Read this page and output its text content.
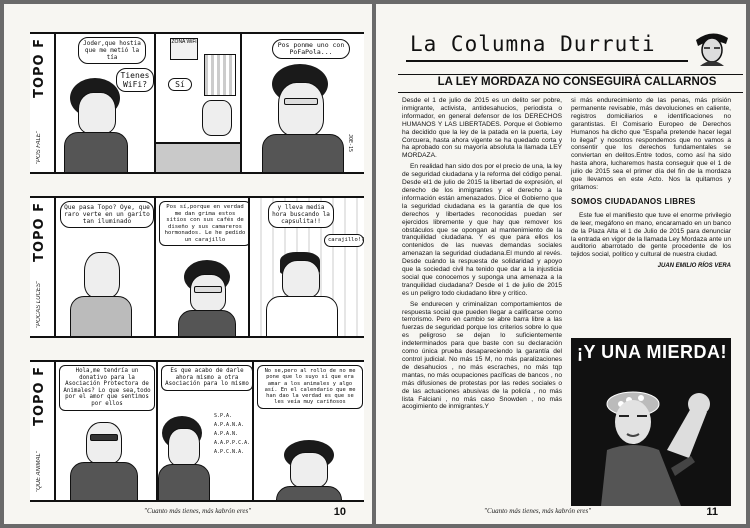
TOPO F
"POS FALE"
Joder,que hostia que me metió la tía
Tienes WiFi?
ZONA WiFi
Sí
Pos ponme uno con PoFaPola...
JOE-15
TOPO F
"POCAS LUCES"
Que pasa Topo? Oye, que raro verte en un garito tan iluminado
Pos sí,porque en verdad me dan grima estos sitios con sus cafés de diseño y sus camareros hormonados. Le he pedido un carajillo
y lleva media hora buscando la capsulita!!
carajillo!?
TOPO F
"QUE ANIMAL"
Hola,me tendría un donativo para la Asociación Protectora de Animales? Lo que sea,todo por el amor que sentimos por ellos
Es que acabo de darle ahora mismo a otra Asociación para lo mismo
S.P.A.
A.P.A.N.A.
A.P.A.N.
A.A.P.P.C.A.
A.P.C.N.A.
No se,pero al rollo de no me pone que lo suyo sí que era amar a los animales y algo así. En el calendario que me han dao la verdad es que se les veía muy cariñosos
"Cuanto más tienes, más kabrón eres"	10
La Columna Durruti
LA LEY MORDAZA NO CONSEGUIRÁ CALLARNOS

Desde el 1 de julio de 2015 es un delito ser pobre, inmigrante, activista, antidesahucios, periodista o informador, en general defensor de los DERECHOS HUMANOS Y LAS LIBERTADES. Porque el Gobierno ha decidido que la ley de la patada en la puerta, Ley Corcuera, hasta ahora vigente se ha quedado corta y ha aprobado con su mayoría absoluta la llamada LEY MORDAZA.

En realidad han sido dos por el precio de una, la ley de seguridad ciudadana y la reforma del código penal. Desde el1 de julio de 2015 la libertad de expresión, el derecho de los inmigrantes y el derecho a la información están amenazados. Dice el Gobierno que la seguridad ciudadana es la garantía de que los derechos y libertades reconocidas puedan ser ejercidos libremente y que hay que remover los obstáculos que se opongan al mantenimiento de la tranquilidad ciudadana. Y es que para ellos los contenidos de las nuevas demandas sociales amenazan la seguridad ciudadana.El mundo al revés. Desde cuándo la respuesta de solidaridad y apoyo que la sociedad civil ha tenido que dar a la injusticia social que conocemos y suponga una amenaza a la tranquilidad ciudadana? Desde el 1 de julio de 2015 es un peligro todo ciudadano libre y crítico.

Se endurecen y criminalizan comportamientos de respuesta social que pueden llegar a calificarse como terrorismo. Pero en cambio se abre barra libre a las fuerzas de seguridad porque los criterios sobre lo que es peligroso se dejan lo suficientemente indeterminados para que baste con su declaración como única prueba desapareciendo la garantía del control judicial. No más 15 M, no más paralizaciones de desahucios , no más escraches, no más tqp mantas, no más ocupaciones pacíficas de bancos , no más difusiones de protestas por las redes sociales o de las actuaciones abusivas de la policía , no más lista Falciani , no más caso Snowden , no más acogimiento de inmigrantes.Y

si más endurecimiento de las penas, más prisión permanente revisable, más devoluciones en caliente, registros domiciliarios e identificaciones no garantistas. El Comisario Europeo de Derechos Humanos ha dicho que "España pretende hacer legal lo ilegal" y nosotros respondemos que no vamos a consentir que los derechos fundamentales se conviertan en delitos.Entre todos, como así ha sido hasta ahora, lucharemos hasta conseguir que el 1 de julio de 2015 sea el primer día del fin de la mordaza que llevamos en este Acto. Nos la quitamos y gritamos:

SOMOS CIUDADANOS LIBRES

Este fue el manifiesto que tuve el enorme privilegio de leer, megáfono en mano, encaramado en un banco de la Plaza Alta el 1 de Julio de 2015 para denunciar la entrada en vigor de la llamada Ley Mordaza ante un auditorio abarrotado de gente procedente de los tejidos social, político y cultural de nuestra ciudad.

JUAN EMILIO RÍOS VERA
¡Y UNA MIERDA!
"Cuanto más tienes, más kabrón eres"	11
